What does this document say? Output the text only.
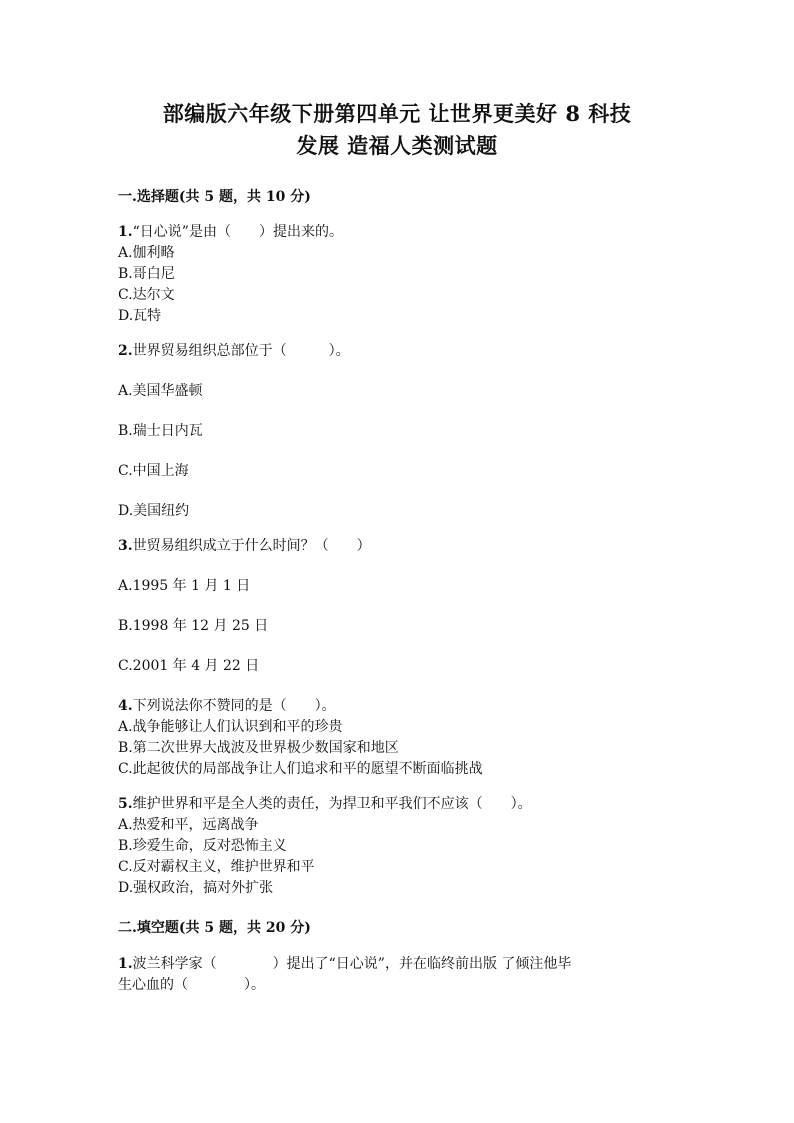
部编版六年级下册第四单元 让世界更美好 8 科技
发展 造福人类测试题
一.选择题(共 5 题，共 10 分)
1.“日心说”是由（　　）提出来的。
A.伽利略
B.哥白尼
C.达尔文
D.瓦特
2.世界贸易组织总部位于（　　　）。
A.美国华盛顿
B.瑞士日内瓦
C.中国上海
D.美国纽约
3.世贸易组织成立于什么时间？（　　）
A.1995 年 1 月 1 日
B.1998 年 12 月 25 日
C.2001 年 4 月 22 日
4.下列说法你不赞同的是（　　）。
A.战争能够让人们认识到和平的珍贵
B.第二次世界大战波及世界极少数国家和地区
C.此起彼伏的局部战争让人们追求和平的愿望不断面临挑战
5.维护世界和平是全人类的责任，为捍卫和平我们不应该（　　）。
A.热爱和平，远离战争
B.珍爱生命，反对恐怖主义
C.反对霸权主义，维护世界和平
D.强权政治，搞对外扩张
二.填空题(共 5 题，共 20 分)
1.波兰科学家（　　　　）提出了“日心说”，并在临终前出版 了倾注他毕
生心血的（　　　　）。
